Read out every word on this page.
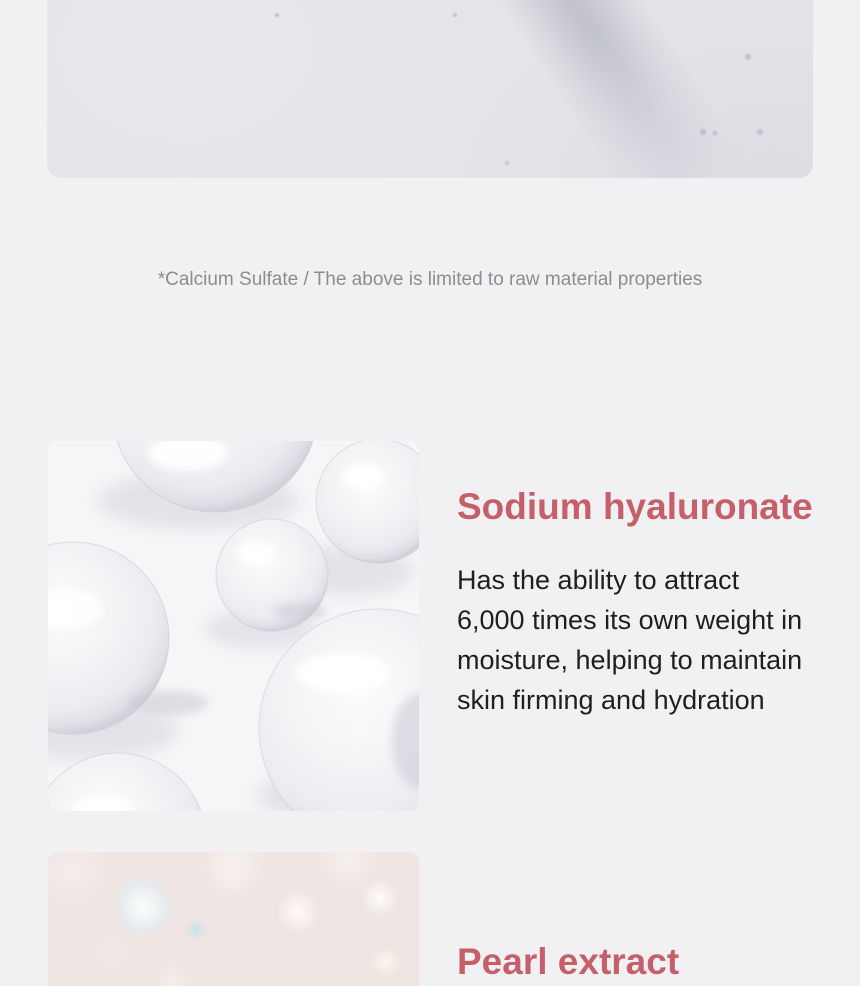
*Calcium Sulfate / The above is limited to raw material properties
Sodium hyaluronate
Has the ability to attract 6,000 times its own weight in moisture, helping to maintain skin firming and hydration
Pearl extract
